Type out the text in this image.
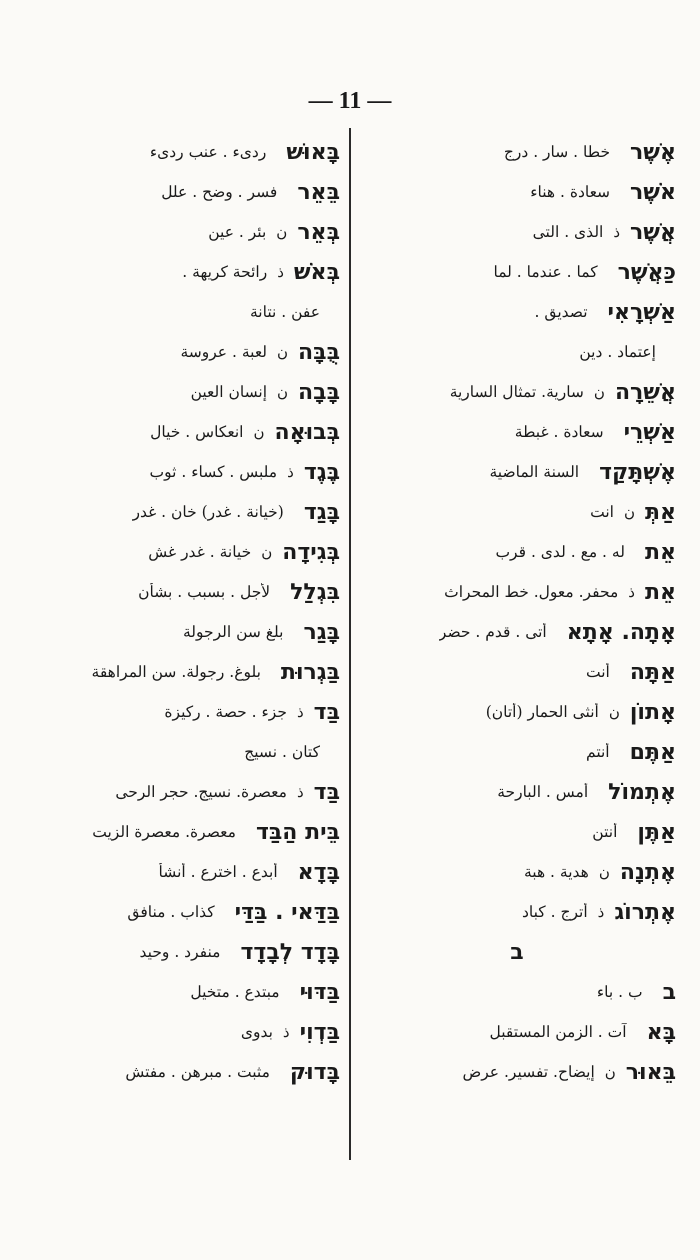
— 11 —
אֶשֶׁר
خطا . سار . درج
אֹשֶׁר
سعادة . هناء
אֲשֶׁר
ذ
الذى . التى
כַּאֲשֶׁר
كما . عندما . لما
אַשְׁרָאִי
تصديق .
إعتماد . دين
אֲשֵׁרָה
ن
سارية. تمثال السارية
אַשְׁרֵי
سعادة . غبطة
אֶשְׁתָּקַד
السنة الماضية
אַתְּ
ن
انت
אֵת
له . مع . لدى . قرب
אֵת
ذ
محفر. معول. خط المحراث
אָתָה. אָתָא
أتى . قدم . حضر
אַתָּה
أنت
אָתוֹן
ن
أنثى الحمار (أتان)
אַתֶּם
أنتم
אֶתְמוֹל
أمس . البارحة
אַתֶּן
أنتن
אֶתְנָה
ن
هدية . هبة
אֶתְרוֹג
ذ
أترج . كباد
ב
ב
ب . باء
בָּא
آت . الزمن المستقبل
בֵּאוּר
ن
إيضاح. تفسير. عرض
בָּאוּשׁ
ردىء . عنب ردىء
בֵּאֵר
فسر . وضح . علل
בְּאֵר
ن
بئر . عين
בְּאֹשׁ
ذ
رائحة كريهة .
عفن . نتانة
בֻּבָּה
ن
لعبة . عروسة
בָּבָה
ن
إنسان العين
בְּבוּאָה
ن
انعكاس . خيال
בֶּגֶד
ذ
ملبس . كساء . ثوب
בָּגַד
(خيانة . غدر) خان . غدر
בְּגִידָה
ن
خيانة . غدر غش
בִּגְלַל
لأجل . بسبب . بشأن
בָּגַר
بلغ سن الرجولة
בַּגְרוּת
بلوغ. رجولة. سن المراهقة
בַּד
ذ
جزء . حصة . ركيزة
كتان . نسيج
בַּד
ذ
معصرة. نسيج. حجر الرحى
בֵּית הַבַּד
معصرة. معصرة الزيت
בָּדָא
أبدع . اخترع . أنشأ
בַּדַּאי . בַּדַּי
كذاب . منافق
בָּדָד לְבָדָד
منفرد . وحيد
בַּדּוּי
مبتدع . متخيل
בַּדְוִי
ذ
بدوى
בָּדוּק
مثبت . مبرهن . مفتش
